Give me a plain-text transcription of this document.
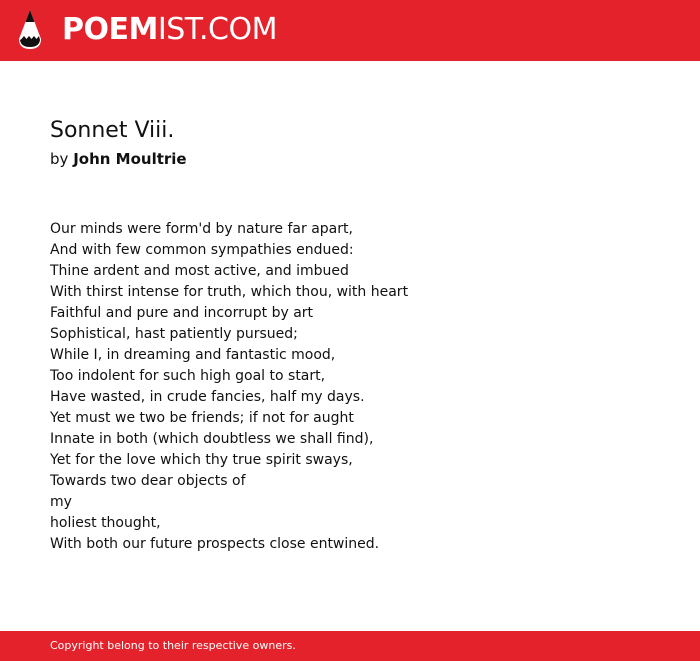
POEMIST.COM
Sonnet Viii.
by John Moultrie
Our minds were form'd by nature far apart,
And with few common sympathies endued:
Thine ardent and most active, and imbued
With thirst intense for truth, which thou, with heart
Faithful and pure and incorrupt by art
Sophistical, hast patiently pursued;
While I, in dreaming and fantastic mood,
Too indolent for such high goal to start,
Have wasted, in crude fancies, half my days.
Yet must we two be friends; if not for aught
Innate in both (which doubtless we shall find),
Yet for the love which thy true spirit sways,
Towards two dear objects of
my
holiest thought,
With both our future prospects close entwined.
Copyright belong to their respective owners.
